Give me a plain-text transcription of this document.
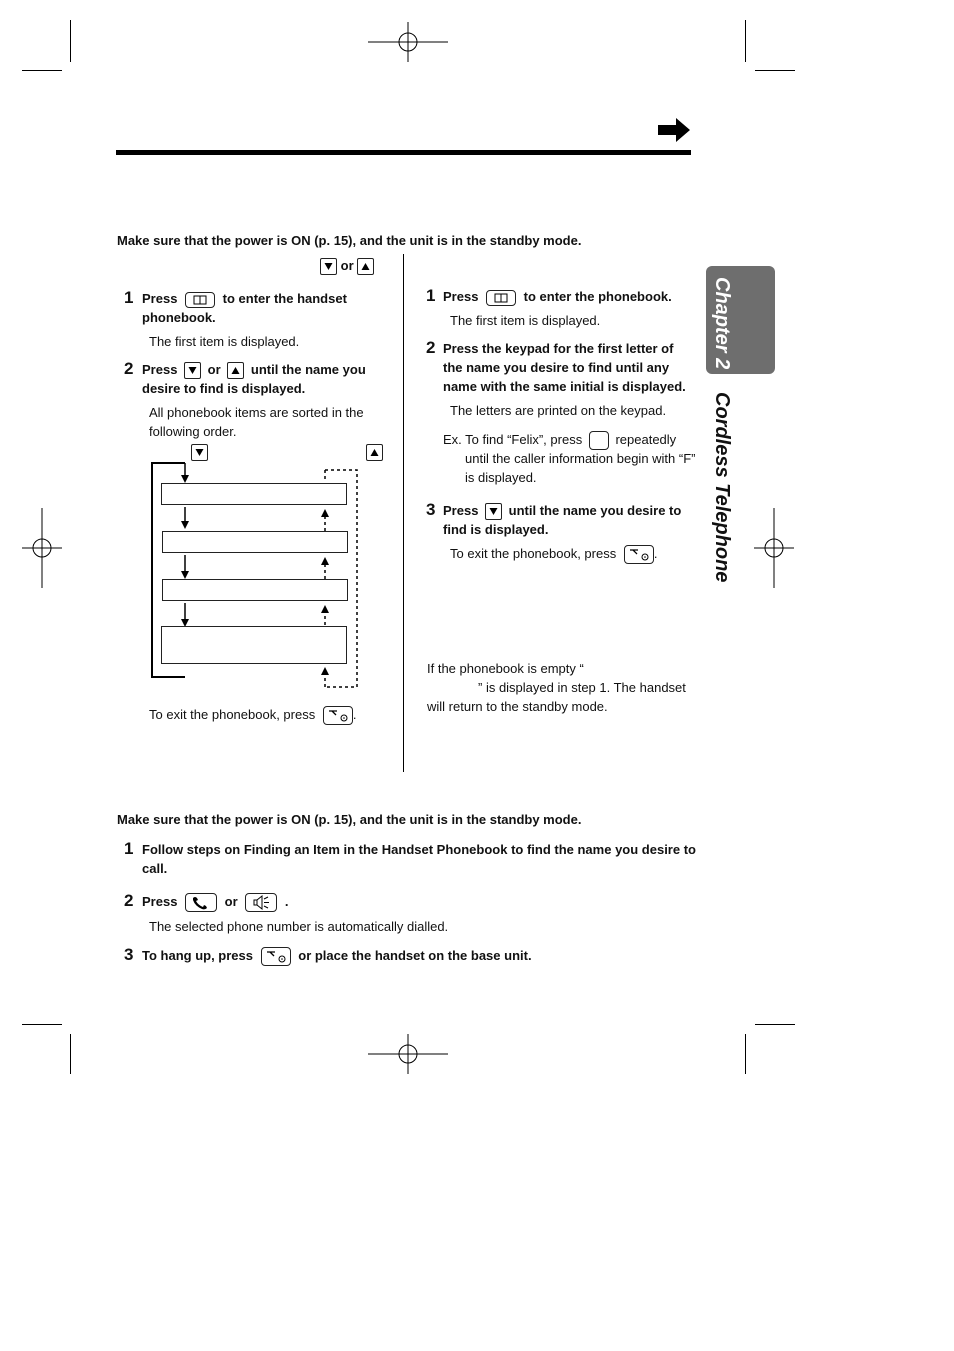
Make sure that the power is ON (p. 15), and the unit is in the standby mode.
or
1 Press	to enter the handset
phonebook.
The first item is displayed.
2 Press or until the name you
desire to find is displayed.
All phonebook items are sorted in the
following order.

To exit the phonebook, press	.
1 Press	to enter the phonebook.
The first item is displayed.
2 Press the keypad for the first letter of
the name you desire to find until any
name with the same initial is displayed.
The letters are printed on the keypad.
Ex. To find “Felix”, press	repeatedly
until the caller information begin with “F”
is displayed.
3 Press until the name you desire to
find is displayed.
To exit the phonebook, press	.
If the phonebook is empty “
” is displayed in step 1. The handset
will return to the standby mode.
Chapter 2
Cordless Telephone
Make sure that the power is ON (p. 15), and the unit is in the standby mode.
1 Follow steps on Finding an Item in the Handset Phonebook to find the name you desire to
call.
2 Press	or	.
The selected phone number is automatically dialled.
3 To hang up, press	or place the handset on the base unit.
